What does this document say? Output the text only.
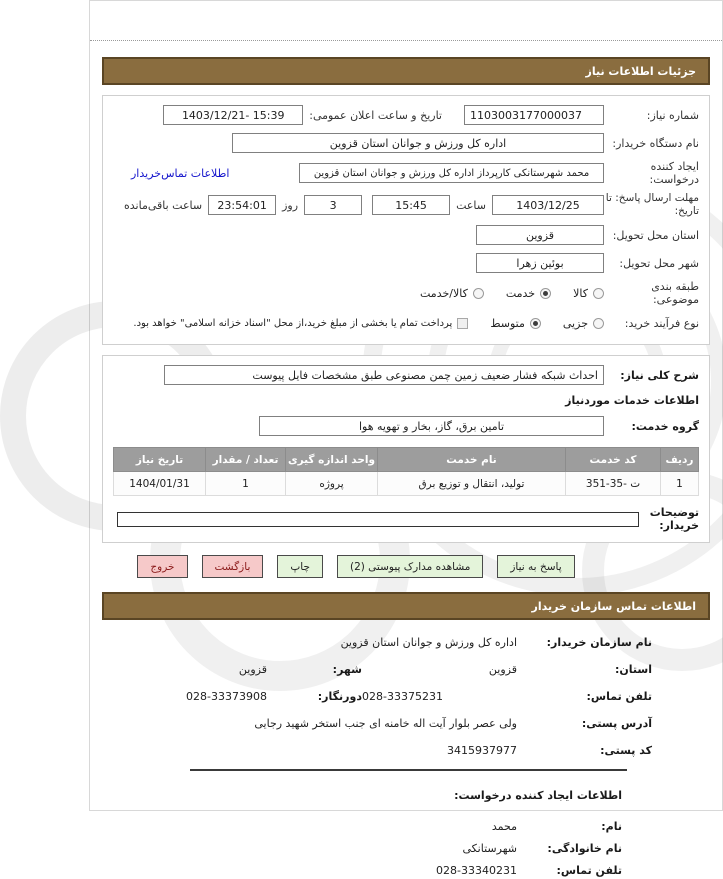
جزئیات اطلاعات نیاز
شماره نیاز:
1103003177000037
تاریخ و ساعت اعلان عمومی:
1403/12/21- 15:39
نام دستگاه خریدار:
اداره کل ورزش و جوانان استان قزوین
ایجاد کننده درخواست:
محمد شهرستانکی کارپرداز اداره کل ورزش و جوانان استان قزوین
اطلاعات تماس‌خریدار
مهلت ارسال پاسخ: تا تاریخ:
1403/12/25
ساعت
15:45
3
روز
23:54:01
ساعت باقی‌مانده
استان محل تحویل:
قزوین
شهر محل تحویل:
بوئین زهرا
طبقه بندی موضوعی:
کالا
خدمت
کالا/خدمت
نوع فرآیند خرید:
جزیی
متوسط
پرداخت تمام یا بخشی از مبلغ خرید،از محل "اسناد خزانه اسلامی" خواهد بود.
شرح کلی نیاز:
احداث شبکه فشار ضعیف زمین چمن مصنوعی طبق مشخصات فایل پیوست
اطلاعات خدمات موردنیاز
گروه خدمت:
تامین برق، گاز، بخار و تهویه هوا
ردیف	کد خدمت	نام خدمت	واحد اندازه گیری	تعداد / مقدار	تاریخ نیاز
1	351-35- ت	تولید، انتقال و توزیع برق	پروژه	1	1404/01/31
توضیحات خریدار:
پاسخ به نیاز
مشاهده مدارک پیوستی (2)
چاپ
بازگشت
خروج
اطلاعات تماس سازمان خریدار
نام سازمان خریدار:
اداره کل ورزش و جوانان استان قزوین
استان:
قزوین
شهر:
قزوین
تلفن تماس:
028-33375231
دورنگار:
028-33373908
آدرس پستی:
ولی عصر بلوار آیت اله خامنه ای جنب استخر شهید رجایی
کد پستی:
3415937977
اطلاعات ایجاد کننده درخواست:
نام:
محمد
نام خانوادگی:
شهرستانکی
تلفن تماس:
028-33340231
